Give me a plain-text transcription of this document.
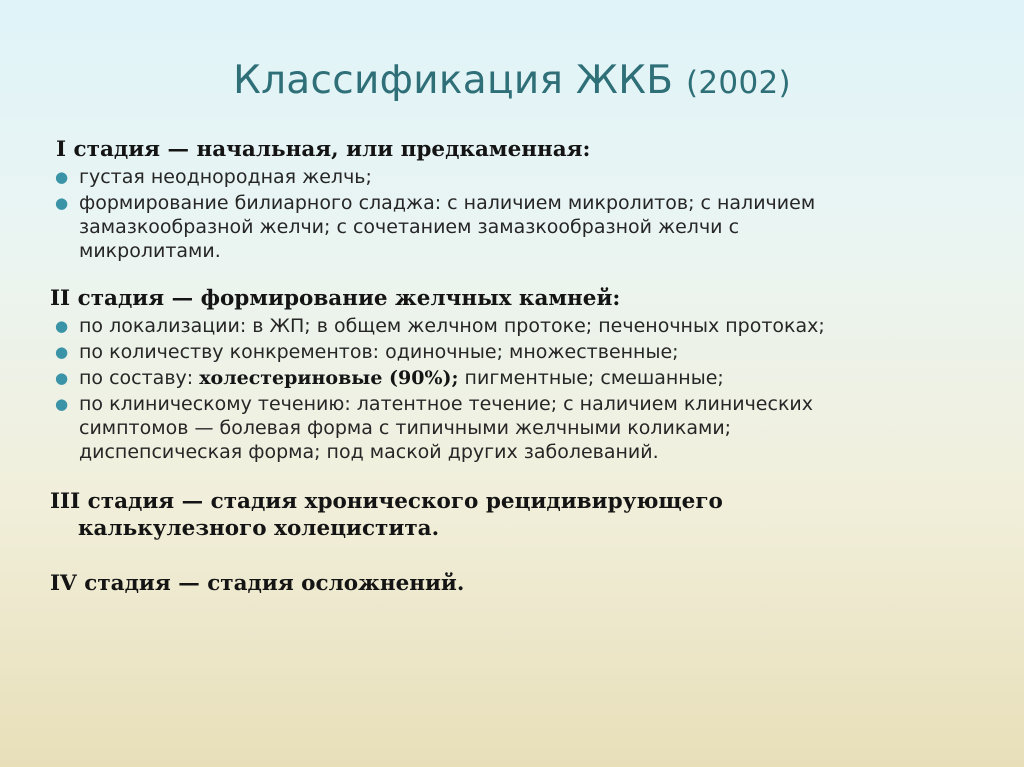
Классификация ЖКБ (2002)
I стадия — начальная, или предкаменная:
● густая неоднородная желчь;
● формирование билиарного сладжа: с наличием микролитов; с наличием
замазкообразной желчи; с сочетанием замазкообразной желчи с
микролитами.
II стадия — формирование желчных камней:
● по локализации: в ЖП; в общем желчном протоке; печеночных протоках;
● по количеству конкрементов: одиночные; множественные;
● по составу: холестериновые (90%); пигментные; смешанные;
● по клиническому течению: латентное течение; с наличием клинических
симптомов — болевая форма с типичными желчными коликами;
диспепсическая форма; под маской других заболеваний.
III стадия — стадия хронического рецидивирующего
калькулезного холецистита.
IV стадия — стадия осложнений.
